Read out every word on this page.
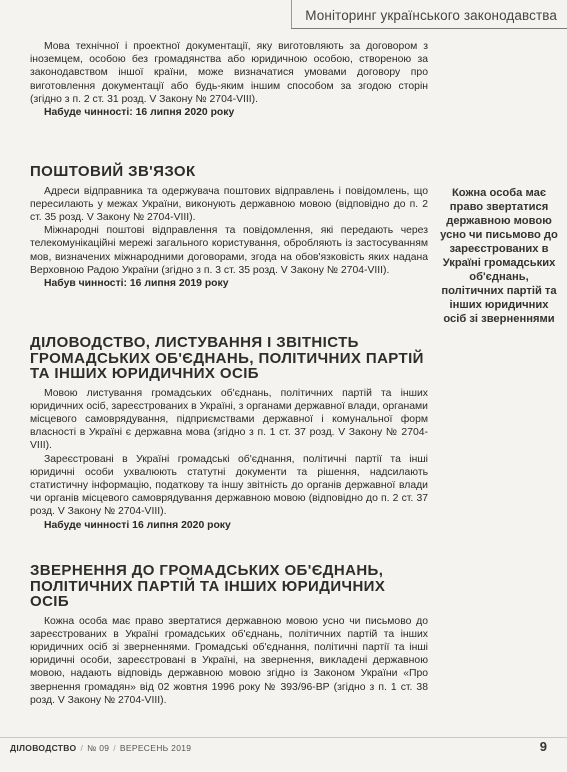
Моніторинг українського законодавства

Мова технічної і проектної документації, яку виготовляють за договором з іноземцем, особою без громадянства або юридичною особою, створеною за законодавством іншої країни, може визначатися умовами договору про виготовлення документації або будь-яким іншим способом за згодою сторін (згідно з п. 2 ст. 31 розд. V Закону № 2704-VIII).

Набуде чинності: 16 липня 2020 року

ПОШТОВИЙ ЗВ'ЯЗОК

Адреси відправника та одержувача поштових відправлень і повідомлень, що пересилають у межах України, виконують державною мовою (відповідно до п. 2 ст. 35 розд. V Закону № 2704-VIII).

Міжнародні поштові відправлення та повідомлення, які передають через телекомунікаційні мережі загального користування, обробляють із застосуванням мов, визначених міжнародними договорами, згода на обов'язковість яких надана Верховною Радою України (згідно з п. 3 ст. 35 розд. V Закону № 2704-VIII).

Набув чинності: 16 липня 2019 року

ДІЛОВОДСТВО, ЛИСТУВАННЯ І ЗВІТНІСТЬ ГРОМАДСЬКИХ ОБ'ЄДНАНЬ, ПОЛІТИЧНИХ ПАРТІЙ ТА ІНШИХ ЮРИДИЧНИХ ОСІБ

Мовою листування громадських об'єднань, політичних партій та інших юридичних осіб, зареєстрованих в Україні, з органами державної влади, органами місцевого самоврядування, підприємствами державної і комунальної форм власності в Україні є державна мова (згідно з п. 1 ст. 37 розд. V Закону № 2704-VIII).

Зареєстровані в Україні громадські об'єднання, політичні партії та інші юридичні особи ухвалюють статутні документи та рішення, надсилають статистичну інформацію, податкову та іншу звітність до органів державної влади чи органів місцевого самоврядування державною мовою (відповідно до п. 2 ст. 37 розд. V Закону № 2704-VIII).

Набуде чинності 16 липня 2020 року

ЗВЕРНЕННЯ ДО ГРОМАДСЬКИХ ОБ'ЄДНАНЬ, ПОЛІТИЧНИХ ПАРТІЙ ТА ІНШИХ ЮРИДИЧНИХ ОСІБ

Кожна особа має право звертатися державною мовою усно чи письмово до зареєстрованих в Україні громадських об'єднань, політичних партій та інших юридичних осіб зі зверненнями. Громадські об'єднання, політичні партії та інші юридичні особи, зареєстровані в Україні, на звернення, викладені державною мовою, надають відповідь державною мовою згідно із Законом України «Про звернення громадян» від 02 жовтня 1996 року № 393/96-ВР (згідно з п. 1 ст. 38 розд. V Закону № 2704-VIII).

Кожна особа має право звертатися державною мовою усно чи письмово до зареєстрованих в Україні громадських об'єднань, політичних партій та інших юридичних осіб зі зверненнями
ДІЛОВОДСТВО / № 09 / ВЕРЕСЕНЬ 2019	9
